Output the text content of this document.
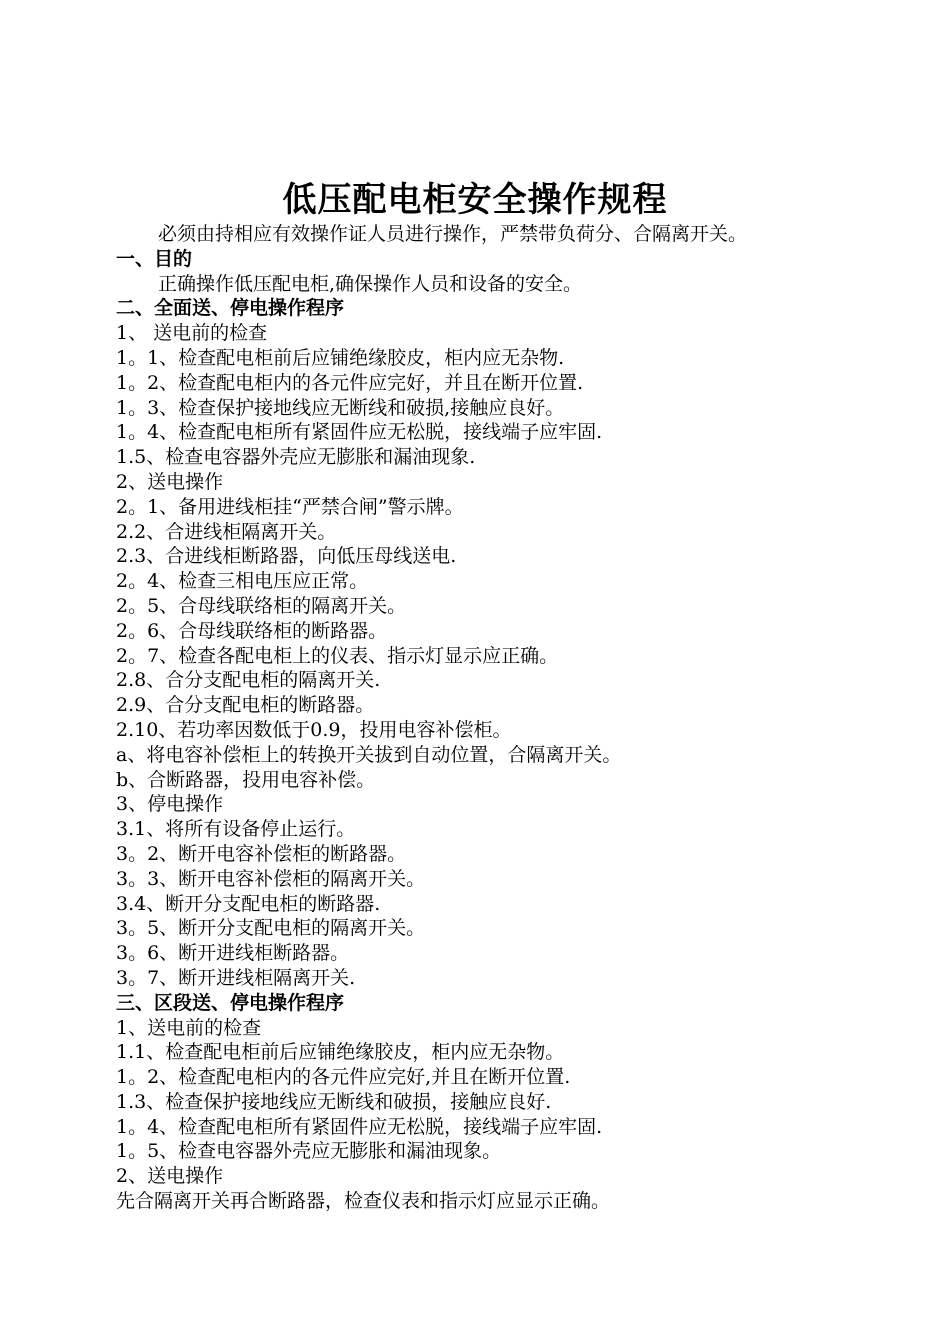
低压配电柜安全操作规程
必须由持相应有效操作证人员进行操作，严禁带负荷分、合隔离开关。
一、目的
正确操作低压配电柜,确保操作人员和设备的安全。
二、全面送、停电操作程序
1、 送电前的检查
1。1、检查配电柜前后应铺绝缘胶皮，柜内应无杂物.
1。2、检查配电柜内的各元件应完好，并且在断开位置.
1。3、检查保护接地线应无断线和破损,接触应良好。
1。4、检查配电柜所有紧固件应无松脱，接线端子应牢固.
1.5、检查电容器外壳应无膨胀和漏油现象.
2、送电操作
2。1、备用进线柜挂“严禁合闸”警示牌。
2.2、合进线柜隔离开关。
2.3、合进线柜断路器，向低压母线送电.
2。4、检查三相电压应正常。
2。5、合母线联络柜的隔离开关。
2。6、合母线联络柜的断路器。
2。7、检查各配电柜上的仪表、指示灯显示应正确。
2.8、合分支配电柜的隔离开关.
2.9、合分支配电柜的断路器。
2.10、若功率因数低于0.9，投用电容补偿柜。
a、将电容补偿柜上的转换开关拔到自动位置，合隔离开关。
b、合断路器，投用电容补偿。
3、停电操作
3.1、将所有设备停止运行。
3。2、断开电容补偿柜的断路器。
3。3、断开电容补偿柜的隔离开关。
3.4、断开分支配电柜的断路器.
3。5、断开分支配电柜的隔离开关。
3。6、断开进线柜断路器。
3。7、断开进线柜隔离开关.
三、区段送、停电操作程序
1、送电前的检查
1.1、检查配电柜前后应铺绝缘胶皮，柜内应无杂物。
1。2、检查配电柜内的各元件应完好,并且在断开位置.
1.3、检查保护接地线应无断线和破损，接触应良好.
1。4、检查配电柜所有紧固件应无松脱，接线端子应牢固.
1。5、检查电容器外壳应无膨胀和漏油现象。
2、送电操作
先合隔离开关再合断路器，检查仪表和指示灯应显示正确。
